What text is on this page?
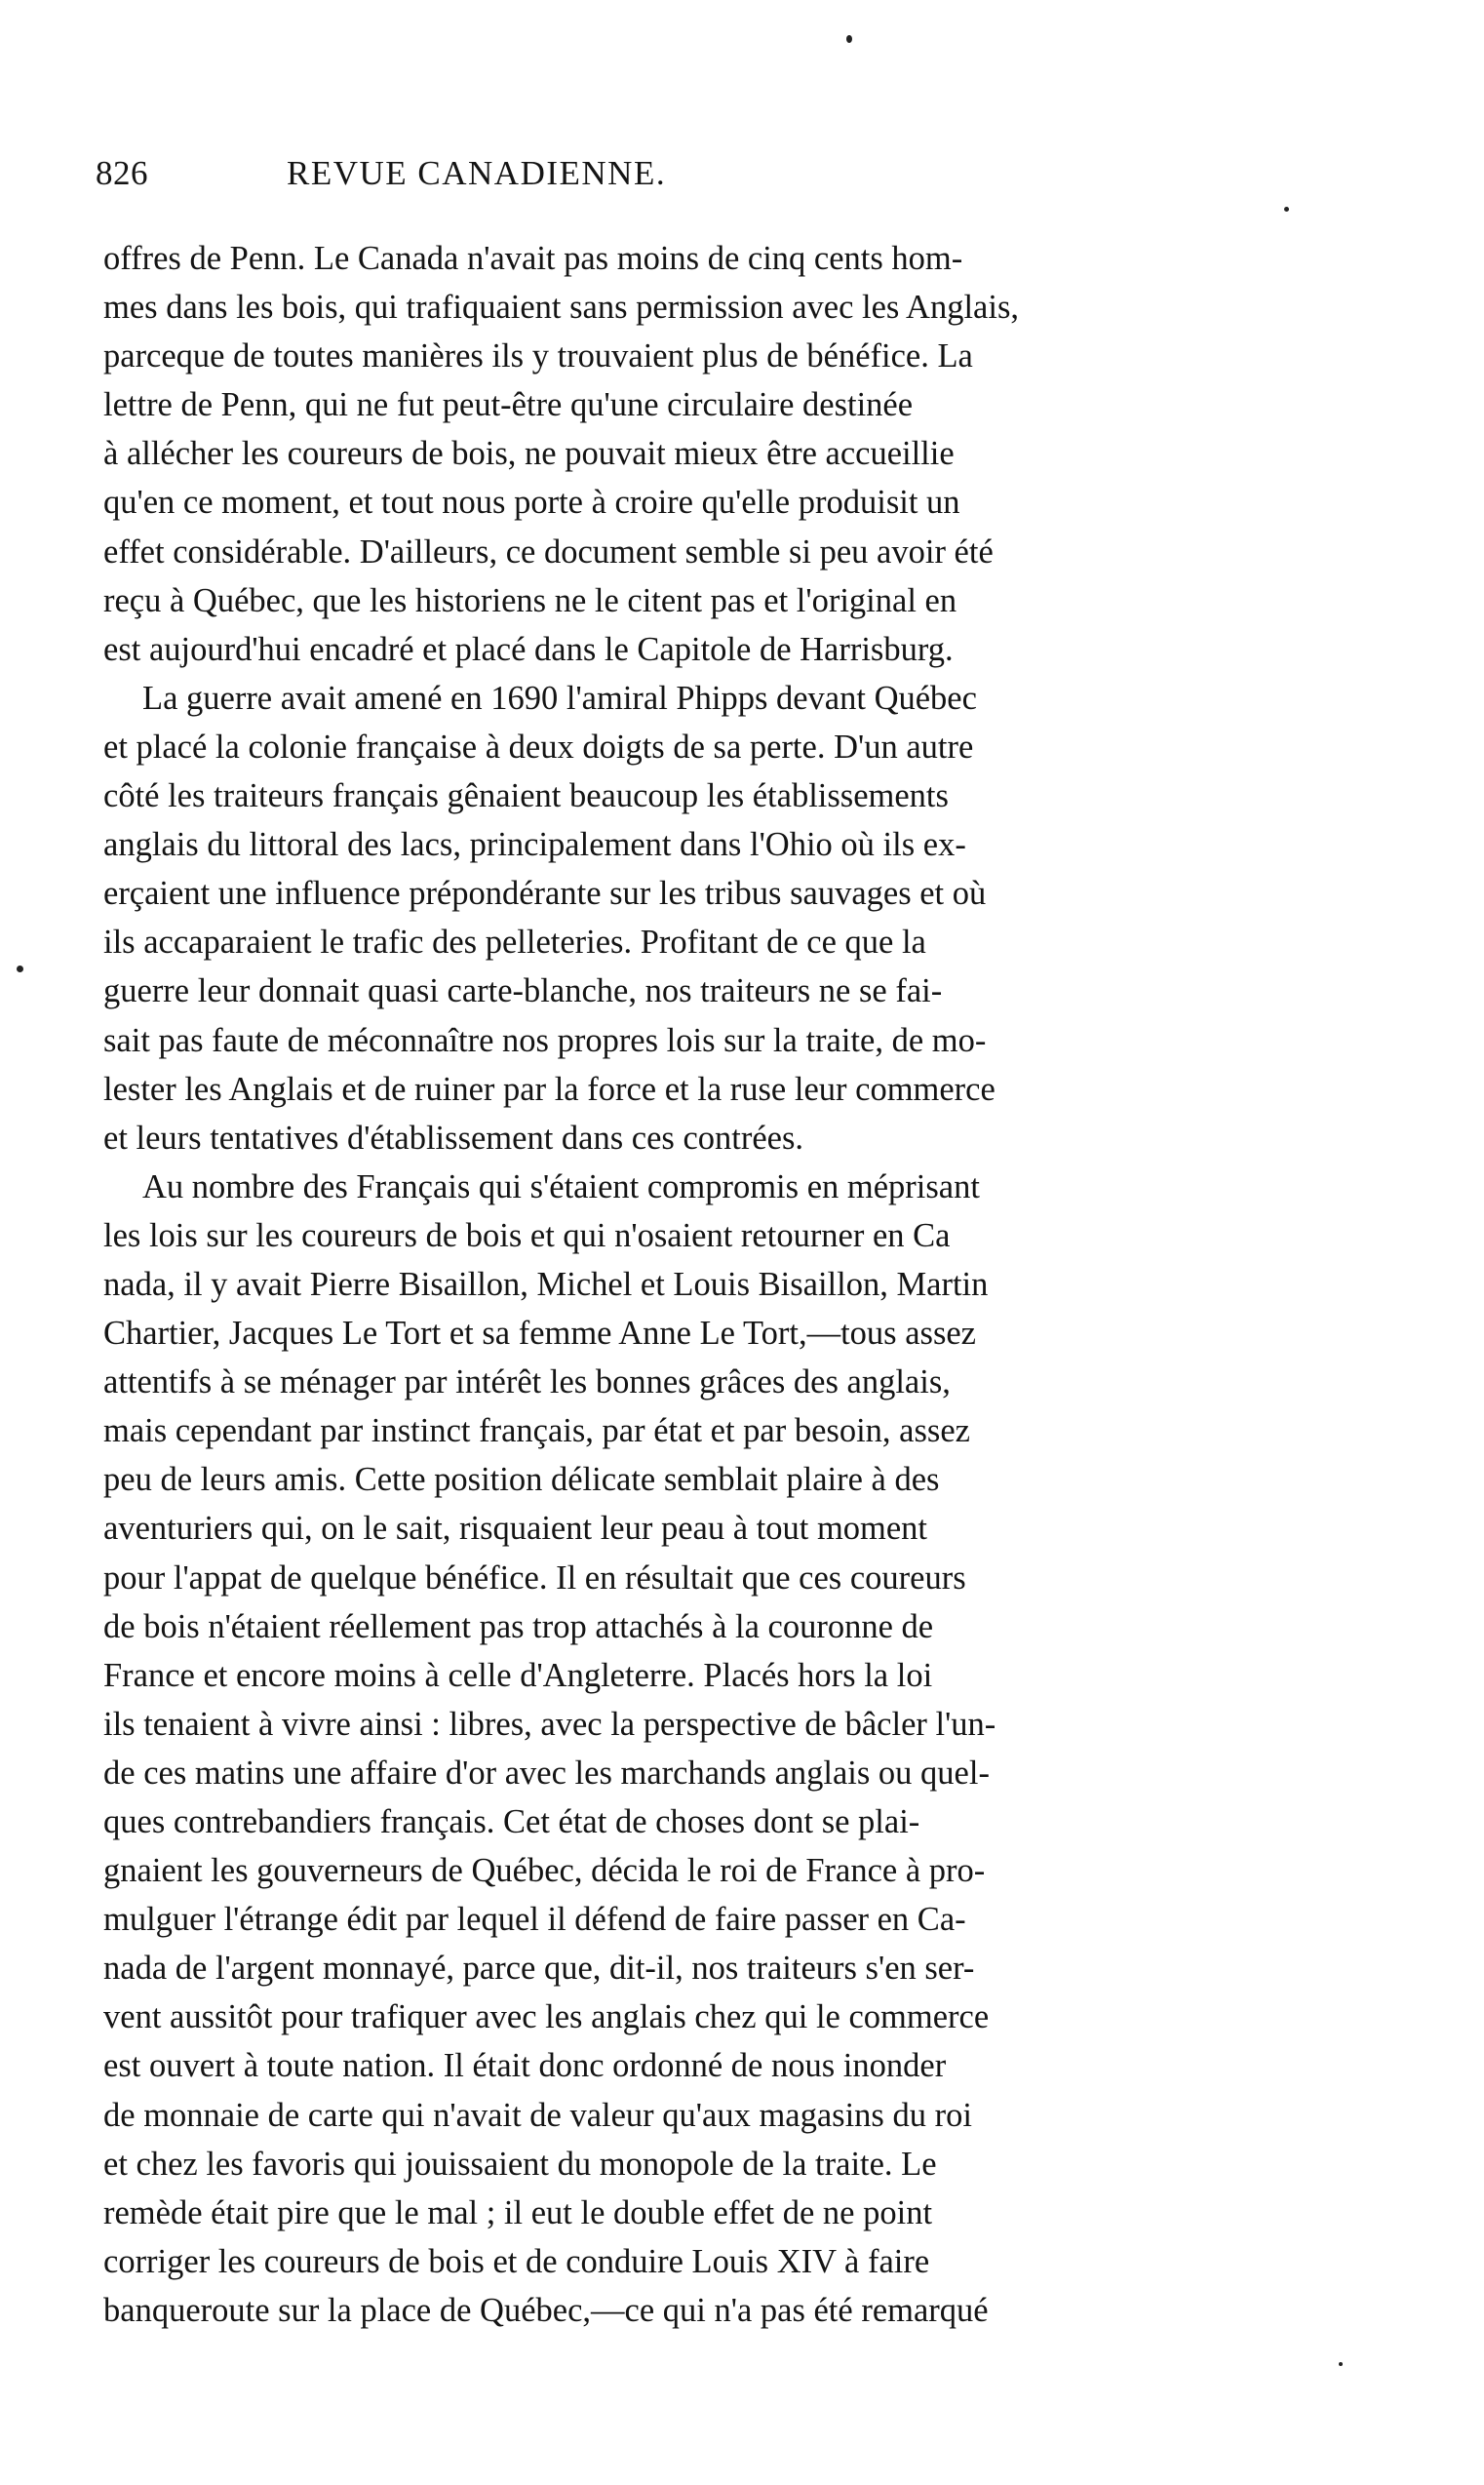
826	REVUE CANADIENNE.
offres de Penn. Le Canada n'avait pas moins de cinq cents hom-
mes dans les bois, qui trafiquaient sans permission avec les Anglais,
parceque de toutes manières ils y trouvaient plus de bénéfice. La
lettre de Penn, qui ne fut peut-être qu'une circulaire destinée
à allécher les coureurs de bois, ne pouvait mieux être accueillie
qu'en ce moment, et tout nous porte à croire qu'elle produisit un
effet considérable. D'ailleurs, ce document semble si peu avoir été
reçu à Québec, que les historiens ne le citent pas et l'original en
est aujourd'hui encadré et placé dans le Capitole de Harrisburg.
La guerre avait amené en 1690 l'amiral Phipps devant Québec
et placé la colonie française à deux doigts de sa perte. D'un autre
côté les traiteurs français gênaient beaucoup les établissements
anglais du littoral des lacs, principalement dans l'Ohio où ils ex-
erçaient une influence prépondérante sur les tribus sauvages et où
ils accaparaient le trafic des pelleteries. Profitant de ce que la
guerre leur donnait quasi carte-blanche, nos traiteurs ne se fai-
sait pas faute de méconnaître nos propres lois sur la traite, de mo-
lester les Anglais et de ruiner par la force et la ruse leur commerce
et leurs tentatives d'établissement dans ces contrées.
Au nombre des Français qui s'étaient compromis en méprisant
les lois sur les coureurs de bois et qui n'osaient retourner en Ca
nada, il y avait Pierre Bisaillon, Michel et Louis Bisaillon, Martin
Chartier, Jacques Le Tort et sa femme Anne Le Tort,—tous assez
attentifs à se ménager par intérêt les bonnes grâces des anglais,
mais cependant par instinct français, par état et par besoin, assez
peu de leurs amis. Cette position délicate semblait plaire à des
aventuriers qui, on le sait, risquaient leur peau à tout moment
pour l'appat de quelque bénéfice. Il en résultait que ces coureurs
de bois n'étaient réellement pas trop attachés à la couronne de
France et encore moins à celle d'Angleterre. Placés hors la loi
ils tenaient à vivre ainsi : libres, avec la perspective de bâcler l'un-
de ces matins une affaire d'or avec les marchands anglais ou quel-
ques contrebandiers français. Cet état de choses dont se plai-
gnaient les gouverneurs de Québec, décida le roi de France à pro-
mulguer l'étrange édit par lequel il défend de faire passer en Ca-
nada de l'argent monnayé, parce que, dit-il, nos traiteurs s'en ser-
vent aussitôt pour trafiquer avec les anglais chez qui le commerce
est ouvert à toute nation. Il était donc ordonné de nous inonder
de monnaie de carte qui n'avait de valeur qu'aux magasins du roi
et chez les favoris qui jouissaient du monopole de la traite. Le
remède était pire que le mal ; il eut le double effet de ne point
corriger les coureurs de bois et de conduire Louis XIV à faire
banqueroute sur la place de Québec,—ce qui n'a pas été remarqué
